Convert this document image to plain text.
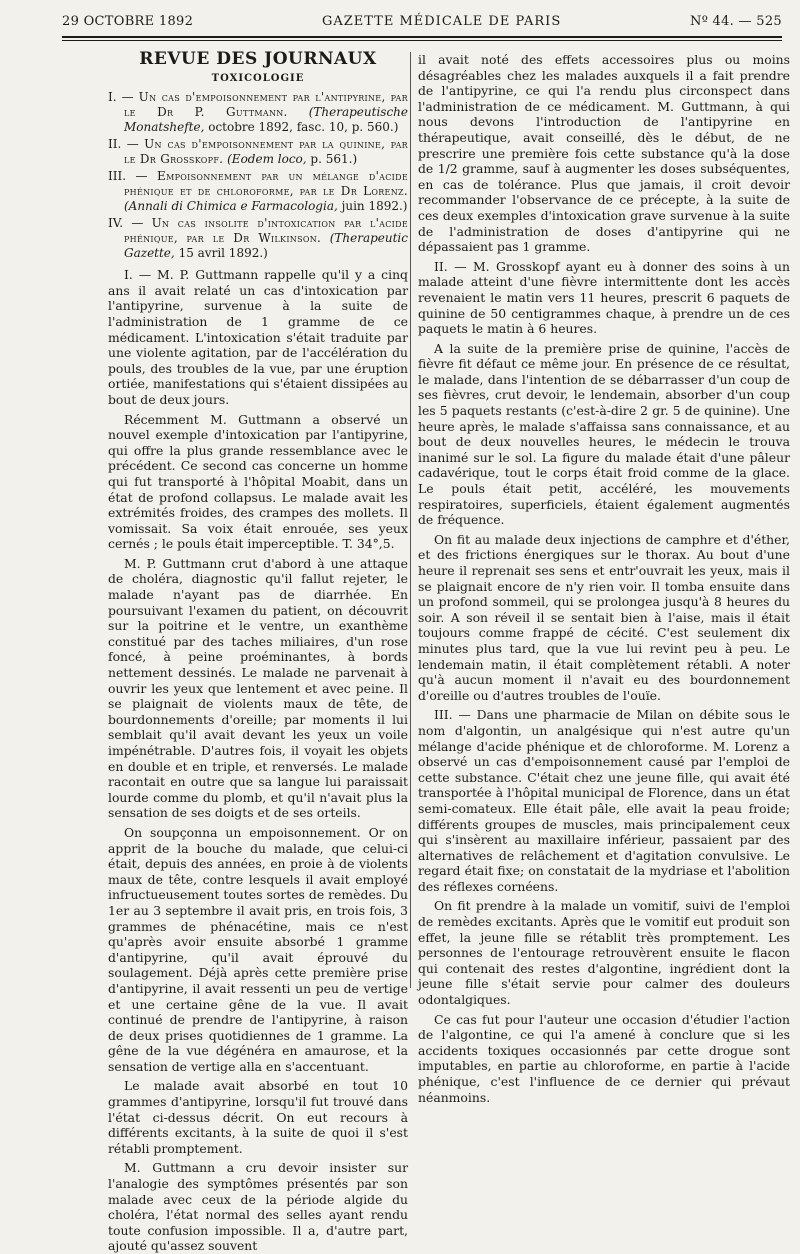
29 OCTOBRE 1892	GAZETTE MÉDICALE DE PARIS	Nº 44. — 525
REVUE DES JOURNAUX
TOXICOLOGIE

I. — Un cas d'empoisonnement par l'antipyrine, par le Dr P. Guttmann. (Therapeutische Monatshefte, octobre 1892, fasc. 10, p. 560.)

II. — Un cas d'empoisonnement par la quinine, par le Dr Grosskopf. (Eodem loco, p. 561.)

III. — Empoisonnement par un mélange d'acide phénique et de chloroforme, par le Dr Lorenz. (Annali di Chimica e Farmacologia, juin 1892.)

IV. — Un cas insolite d'intoxication par l'acide phénique, par le Dr Wilkinson. (Therapeutic Gazette, 15 avril 1892.)

I. — M. P. Guttmann rappelle qu'il y a cinq ans il avait relaté un cas d'intoxication par l'antipyrine, survenue à la suite de l'administration de 1 gramme de ce médicament. L'intoxication s'était traduite par une violente agitation, par de l'accélération du pouls, des troubles de la vue, par une éruption ortiée, manifestations qui s'étaient dissipées au bout de deux jours.

Récemment M. Guttmann a observé un nouvel exemple d'intoxication par l'antipyrine, qui offre la plus grande ressemblance avec le précédent. Ce second cas concerne un homme qui fut transporté à l'hôpital Moabit, dans un état de profond collapsus. Le malade avait les extrémités froides, des crampes des mollets. Il vomissait. Sa voix était enrouée, ses yeux cernés ; le pouls était imperceptible. T. 34°,5.

M. P. Guttmann crut d'abord à une attaque de choléra, diagnostic qu'il fallut rejeter, le malade n'ayant pas de diarrhée. En poursuivant l'examen du patient, on découvrit sur la poitrine et le ventre, un exanthème constitué par des taches miliaires, d'un rose foncé, à peine proéminantes, à bords nettement dessinés. Le malade ne parvenait à ouvrir les yeux que lentement et avec peine. Il se plaignait de violents maux de tête, de bourdonnements d'oreille; par moments il lui semblait qu'il avait devant les yeux un voile impénétrable. D'autres fois, il voyait les objets en double et en triple, et renversés. Le malade racontait en outre que sa langue lui paraissait lourde comme du plomb, et qu'il n'avait plus la sensation de ses doigts et de ses orteils.

On soupçonna un empoisonnement. Or on apprit de la bouche du malade, que celui-ci était, depuis des années, en proie à de violents maux de tête, contre lesquels il avait employé infructueusement toutes sortes de remèdes. Du 1er au 3 septembre il avait pris, en trois fois, 3 grammes de phénacétine, mais ce n'est qu'après avoir ensuite absorbé 1 gramme d'antipyrine, qu'il avait éprouvé du soulagement. Déjà après cette première prise d'antipyrine, il avait ressenti un peu de vertige et une certaine gêne de la vue. Il avait continué de prendre de l'antipyrine, à raison de deux prises quotidiennes de 1 gramme. La gêne de la vue dégénéra en amaurose, et la sensation de vertige alla en s'accentuant.

Le malade avait absorbé en tout 10 grammes d'antipyrine, lorsqu'il fut trouvé dans l'état ci-dessus décrit. On eut recours à différents excitants, à la suite de quoi il s'est rétabli promptement.

M. Guttmann a cru devoir insister sur l'analogie des symptômes présentés par son malade avec ceux de la période algide du choléra, l'état normal des selles ayant rendu toute confusion impossible. Il a, d'autre part, ajouté qu'assez souvent

il avait noté des effets accessoires plus ou moins désagréables chez les malades auxquels il a fait prendre de l'antipyrine, ce qui l'a rendu plus circonspect dans l'administration de ce médicament. M. Guttmann, à qui nous devons l'introduction de l'antipyrine en thérapeutique, avait conseillé, dès le début, de ne prescrire une première fois cette substance qu'à la dose de 1/2 gramme, sauf à augmenter les doses subséquentes, en cas de tolérance. Plus que jamais, il croit devoir recommander l'observance de ce précepte, à la suite de ces deux exemples d'intoxication grave survenue à la suite de l'administration de doses d'antipyrine qui ne dépassaient pas 1 gramme.

II. — M. Grosskopf ayant eu à donner des soins à un malade atteint d'une fièvre intermittente dont les accès revenaient le matin vers 11 heures, prescrit 6 paquets de quinine de 50 centigrammes chaque, à prendre un de ces paquets le matin à 6 heures.

A la suite de la première prise de quinine, l'accès de fièvre fit défaut ce même jour. En présence de ce résultat, le malade, dans l'intention de se débarrasser d'un coup de ses fièvres, crut devoir, le lendemain, absorber d'un coup les 5 paquets restants (c'est-à-dire 2 gr. 5 de quinine). Une heure après, le malade s'affaissa sans connaissance, et au bout de deux nouvelles heures, le médecin le trouva inanimé sur le sol. La figure du malade était d'une pâleur cadavérique, tout le corps était froid comme de la glace. Le pouls était petit, accéléré, les mouvements respiratoires, superficiels, étaient également augmentés de fréquence.

On fit au malade deux injections de camphre et d'éther, et des frictions énergiques sur le thorax. Au bout d'une heure il reprenait ses sens et entr'ouvrait les yeux, mais il se plaignait encore de n'y rien voir. Il tomba ensuite dans un profond sommeil, qui se prolongea jusqu'à 8 heures du soir. A son réveil il se sentait bien à l'aise, mais il était toujours comme frappé de cécité. C'est seulement dix minutes plus tard, que la vue lui revint peu à peu. Le lendemain matin, il était complètement rétabli. A noter qu'à aucun moment il n'avait eu des bourdonnement d'oreille ou d'autres troubles de l'ouïe.

III. — Dans une pharmacie de Milan on débite sous le nom d'algontin, un analgésique qui n'est autre qu'un mélange d'acide phénique et de chloroforme. M. Lorenz a observé un cas d'empoisonnement causé par l'emploi de cette substance. C'était chez une jeune fille, qui avait été transportée à l'hôpital municipal de Florence, dans un état semi-comateux. Elle était pâle, elle avait la peau froide; différents groupes de muscles, mais principalement ceux qui s'insèrent au maxillaire inférieur, passaient par des alternatives de relâchement et d'agitation convulsive. Le regard était fixe; on constatait de la mydriase et l'abolition des réflexes cornéens.

On fit prendre à la malade un vomitif, suivi de l'emploi de remèdes excitants. Après que le vomitif eut produit son effet, la jeune fille se rétablit très promptement. Les personnes de l'entourage retrouvèrent ensuite le flacon qui contenait des restes d'algontine, ingrédient dont la jeune fille s'était servie pour calmer des douleurs odontalgiques.

Ce cas fut pour l'auteur une occasion d'étudier l'action de l'algontine, ce qui l'a amené à conclure que si les accidents toxiques occasionnés par cette drogue sont imputables, en partie au chloroforme, en partie à l'acide phénique, c'est l'influence de ce dernier qui prévaut néanmoins.
